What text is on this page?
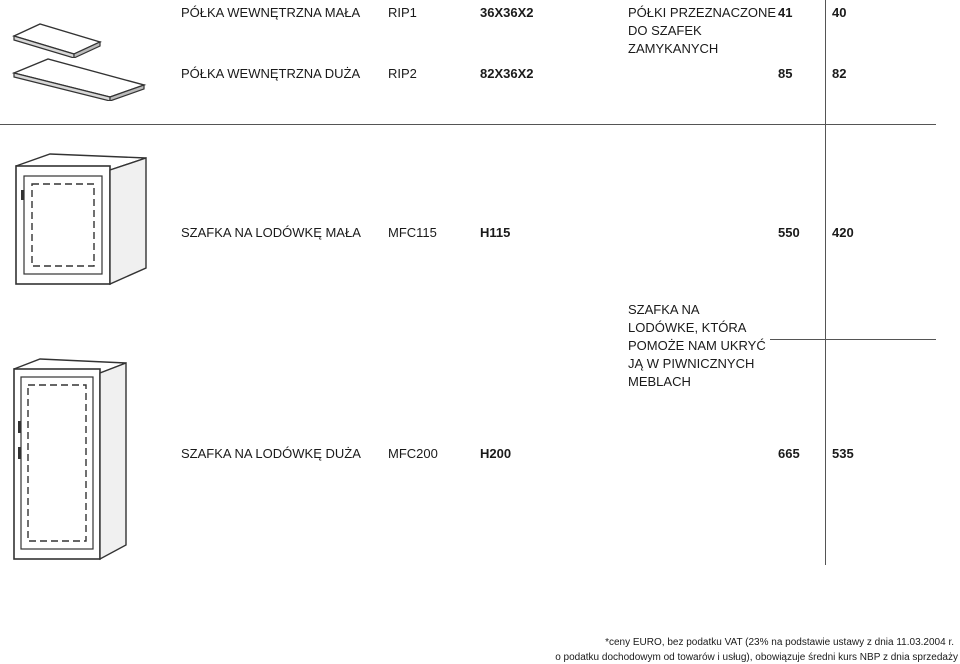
PÓŁKA WEWNĘTRZNA MAŁA RIP1	36X36X2	41	40
PÓŁKI PRZEZNACZONE
DO SZAFEK
ZAMYKANYCH
PÓŁKA WEWNĘTRZNA DUŻA RIP2	82X36X2	85	82
SZAFKA NA LODÓWKĘ MAŁA MFC115	H115	550 420
SZAFKA NA
LODÓWKE, KTÓRA
POMOŻE NAM UKRYĆ
JĄ W PIWNICZNYCH
MEBLACH
SZAFKA NA LODÓWKĘ DUŻA MFC200	H200	665 535
*ceny EURO, bez podatku VAT (23% na podstawie ustawy z dnia 11.03.2004 r.
o podatku dochodowym od towarów i usług), obowiązuje średni kurs NBP z dnia sprzedaży
